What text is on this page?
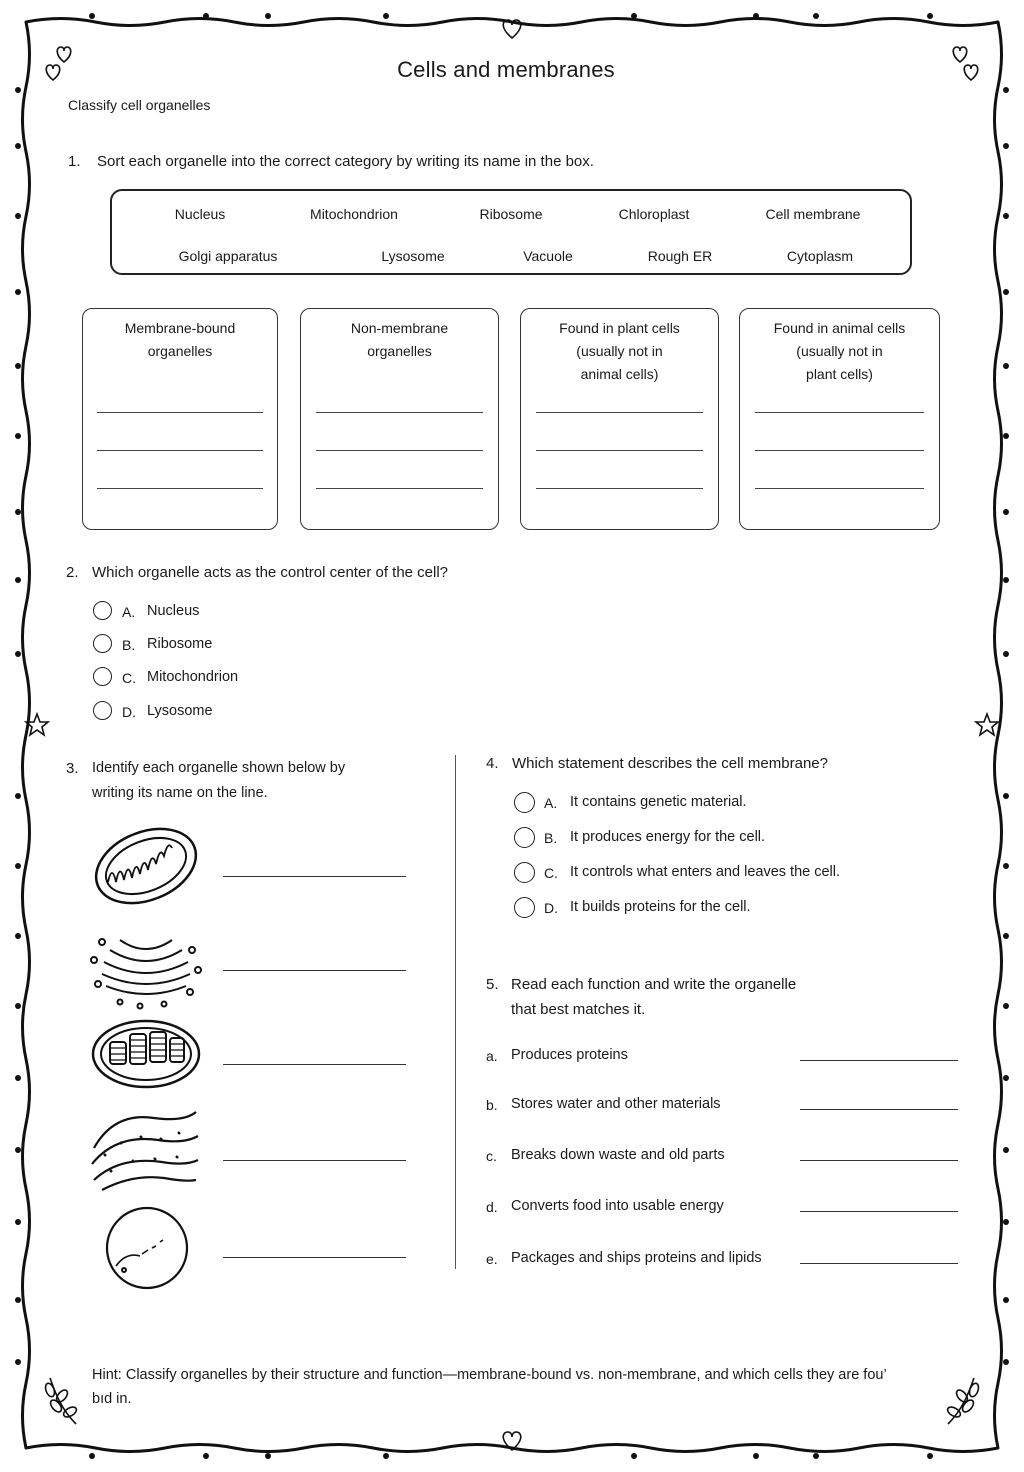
Cells and membranes
Classify cell organelles
1. Sort each organelle into the correct category by writing its name in the box.
Nucleus	Mitochondrion	Ribosome	Chloroplast	Cell membrane
Golgi apparatus	Lysosome	Vacuole	Rough ER	Cytoplasm
Membrane-bound
organelles
Non-membrane
organelles
Found in plant cells
(usually not in
animal cells)
Found in animal cells
(usually not in
plant cells)
2. Which organelle acts as the control center of the cell?
A. Nucleus
B. Ribosome
C. Mitochondrion
D. Lysosome
3. Identify each organelle shown below by
writing its name on the line.
4. Which statement describes the cell membrane?
A. It contains genetic material.
B. It produces energy for the cell.
C. It controls what enters and leaves the cell.
D. It builds proteins for the cell.
5. Read each function and write the organelle
that best matches it.
a. Produces proteins
b. Stores water and other materials
c. Breaks down waste and old parts
d. Converts food into usable energy
e. Packages and ships proteins and lipids
Hint: Classify organelles by their structure and function—membrane-bound vs. non-membrane, and which cells they are fou’
bıd in.
